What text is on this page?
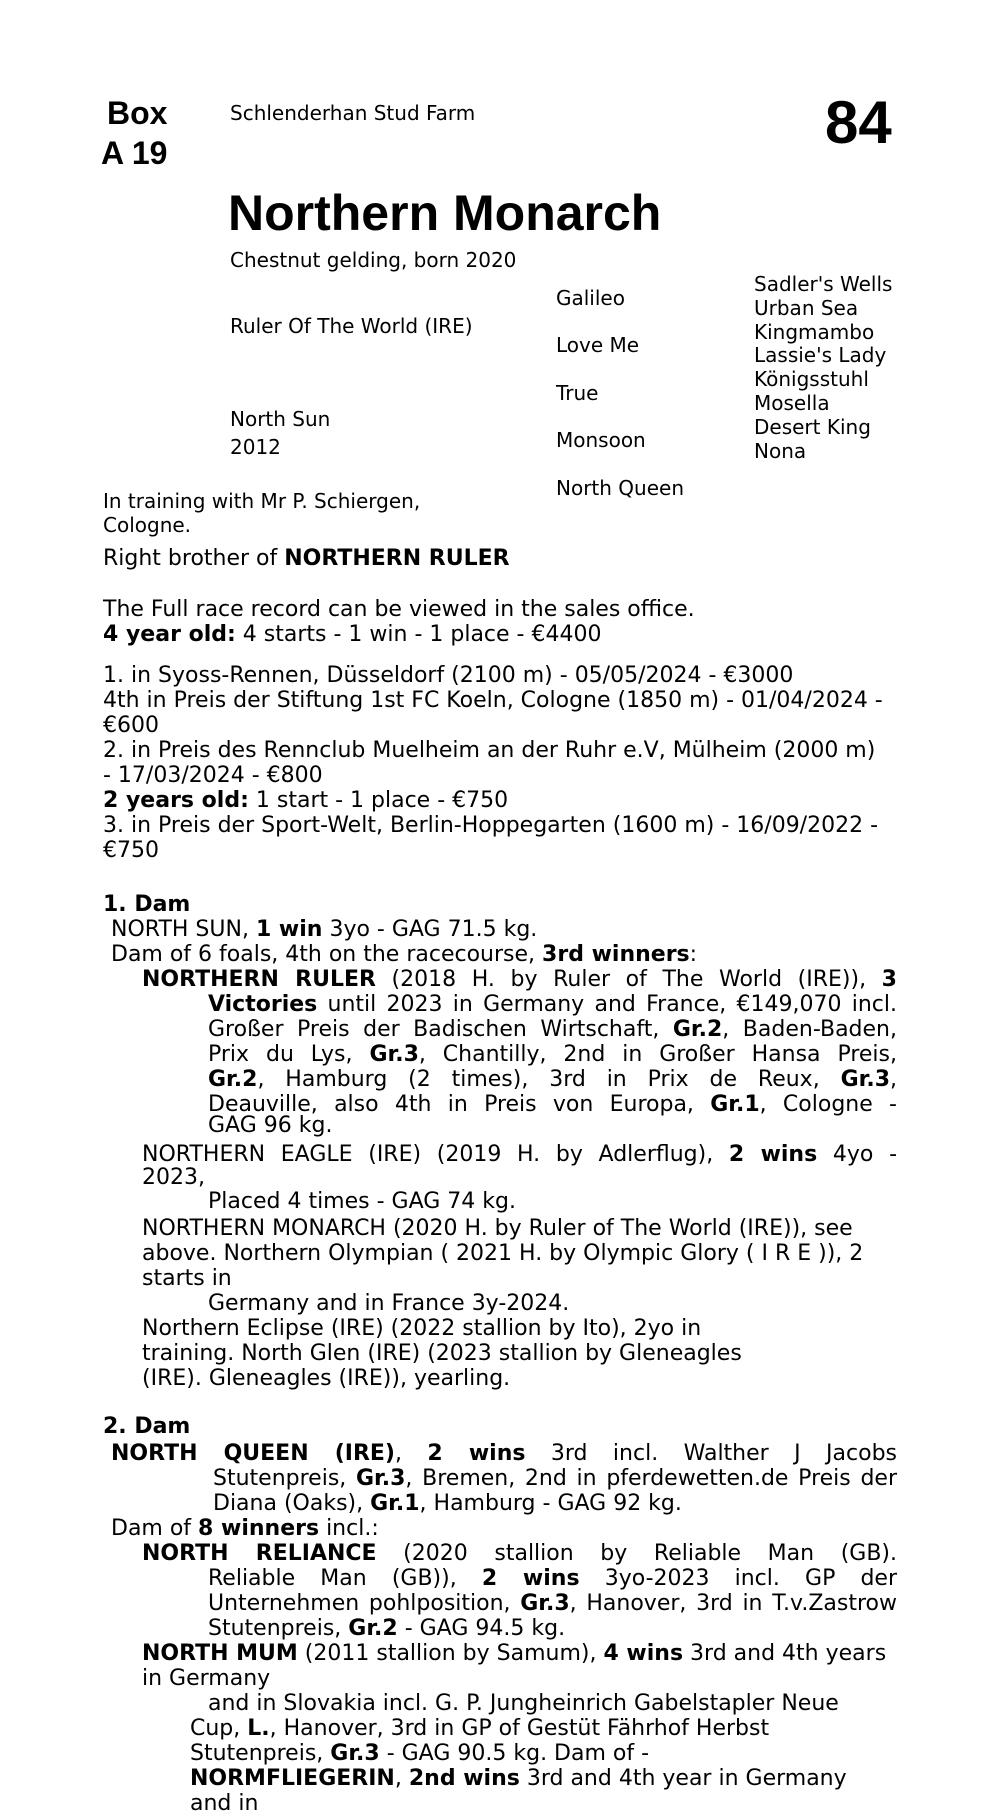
Box
A 19
Schlenderhan Stud Farm	84
Northern Monarch
Chestnut gelding, born 2020
Ruler Of The World (IRE)
North Sun
2012
Galileo
Love Me
True
Monsoon
North Queen
Sadler's Wells
Urban Sea
Kingmambo
Lassie's Lady
Königsstuhl
Mosella
Desert King
Nona
In training with Mr P. Schiergen,
Cologne.
Right brother of NORTHERN RULER
The Full race record can be viewed in the sales office.
4 year old: 4 starts - 1 win - 1 place - €4400
1. in Syoss-Rennen, Düsseldorf (2100 m) - 05/05/2024 - €3000
4th in Preis der Stiftung 1st FC Koeln, Cologne (1850 m) - 01/04/2024 -
€600
2. in Preis des Rennclub Muelheim an der Ruhr e.V, Mülheim (2000 m)
- 17/03/2024 - €800
2 years old: 1 start - 1 place - €750
3. in Preis der Sport-Welt, Berlin-Hoppegarten (1600 m) - 16/09/2022 -
€750
1. Dam
NORTH SUN, 1 win 3yo - GAG 71.5 kg.
Dam of 6 foals, 4th on the racecourse, 3rd winners:
NORTHERN RULER (2018 H. by Ruler of The World (IRE)), 3
Victories until 2023 in Germany and France, €149,070 incl.
Großer Preis der Badischen Wirtschaft, Gr.2, Baden-Baden,
Prix du Lys, Gr.3, Chantilly, 2nd in Großer Hansa Preis,
Gr.2, Hamburg (2 times), 3rd in Prix de Reux, Gr.3,
Deauville, also 4th in Preis von Europa, Gr.1, Cologne -
GAG 96 kg.
NORTHERN EAGLE (IRE) (2019 H. by Adlerflug), 2 wins 4yo -
2023,
Placed 4 times - GAG 74 kg.
NORTHERN MONARCH (2020 H. by Ruler of The World (IRE)), see
above. Northern Olympian ( 2021 H. by Olympic Glory ( I R E )), 2
starts in
Germany and in France 3y-2024.
Northern Eclipse (IRE) (2022 stallion by Ito), 2yo in
training. North Glen (IRE) (2023 stallion by Gleneagles
(IRE). Gleneagles (IRE)), yearling.
2. Dam
NORTH QUEEN (IRE), 2 wins 3rd incl. Walther J Jacobs
Stutenpreis, Gr.3, Bremen, 2nd in pferdewetten.de Preis der
Diana (Oaks), Gr.1, Hamburg - GAG 92 kg.
Dam of 8 winners incl.:
NORTH RELIANCE (2020 stallion by Reliable Man (GB).
Reliable Man (GB)), 2 wins 3yo-2023 incl. GP der
Unternehmen pohlposition, Gr.3, Hanover, 3rd in T.v.Zastrow
Stutenpreis, Gr.2 - GAG 94.5 kg.
NORTH MUM (2011 stallion by Samum), 4 wins 3rd and 4th years
in Germany
and in Slovakia incl. G. P. Jungheinrich Gabelstapler Neue
Cup, L., Hanover, 3rd in GP of Gestüt Fährhof Herbst
Stutenpreis, Gr.3 - GAG 90.5 kg. Dam of -
NORMFLIEGERIN, 2nd wins 3rd and 4th year in Germany
and in
